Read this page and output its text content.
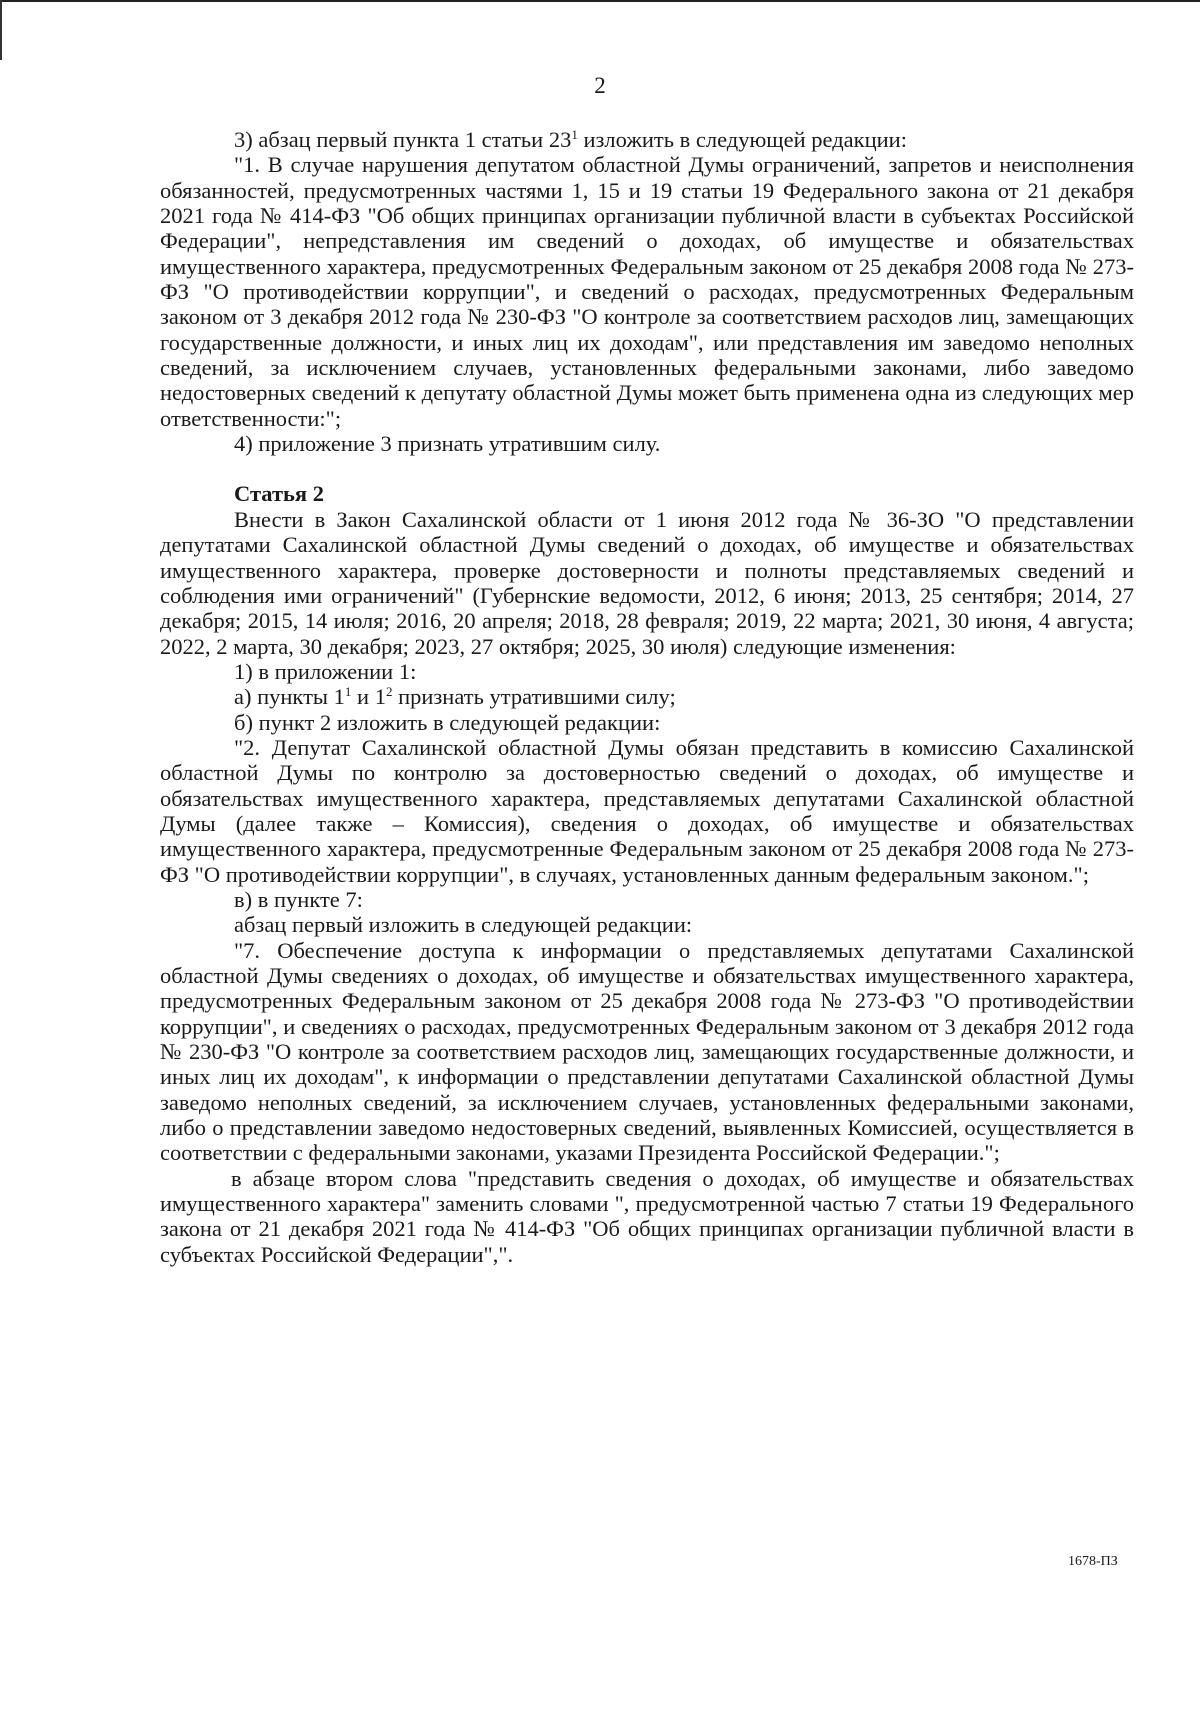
2

3) абзац первый пункта 1 статьи $23^1$ изложить в следующей редакции:

"1. В случае нарушения депутатом областной Думы ограничений, запретов и неисполнения обязанностей, предусмотренных частями 1, 15 и 19 статьи 19 Федерального закона от 21 декабря 2021 года № 414-ФЗ "Об общих принципах организации публичной власти в субъектах Российской Федерации", непредставления им сведений о доходах, об имуществе и обязательствах имущественного характера, предусмотренных Федеральным законом от 25 декабря 2008 года № 273-ФЗ "О противодействии коррупции", и сведений о расходах, предусмотренных Федеральным законом от 3 декабря 2012 года № 230-ФЗ "О контроле за соответствием расходов лиц, замещающих государственные должности, и иных лиц их доходам", или представления им заведомо неполных сведений, за исключением случаев, установленных федеральными законами, либо заведомо недостоверных сведений к депутату областной Думы может быть применена одна из следующих мер ответственности:";

4) приложение 3 признать утратившим силу.

Статья 2

Внести в Закон Сахалинской области от 1 июня 2012 года № 36-ЗО "О представлении депутатами Сахалинской областной Думы сведений о доходах, об имуществе и обязательствах имущественного характера, проверке достоверности и полноты представляемых сведений и соблюдения ими ограничений" (Губернские ведомости, 2012, 6 июня; 2013, 25 сентября; 2014, 27 декабря; 2015, 14 июля; 2016, 20 апреля; 2018, 28 февраля; 2019, 22 марта; 2021, 30 июня, 4 августа; 2022, 2 марта, 30 декабря; 2023, 27 октября; 2025, 30 июля) следующие изменения:

1) в приложении 1:

а) пункты $1^1$ и $1^2$ признать утратившими силу;

б) пункт 2 изложить в следующей редакции:

"2. Депутат Сахалинской областной Думы обязан представить в комиссию Сахалинской областной Думы по контролю за достоверностью сведений о доходах, об имуществе и обязательствах имущественного характера, представляемых депутатами Сахалинской областной Думы (далее также – Комиссия), сведения о доходах, об имуществе и обязательствах имущественного характера, предусмотренные Федеральным законом от 25 декабря 2008 года № 273-ФЗ "О противодействии коррупции", в случаях, установленных данным федеральным законом.";

в) в пункте 7:

абзац первый изложить в следующей редакции:

"7. Обеспечение доступа к информации о представляемых депутатами Сахалинской областной Думы сведениях о доходах, об имуществе и обязательствах имущественного характера, предусмотренных Федеральным законом от 25 декабря 2008 года № 273-ФЗ "О противодействии коррупции", и сведениях о расходах, предусмотренных Федеральным законом от 3 декабря 2012 года № 230-ФЗ "О контроле за соответствием расходов лиц, замещающих государственные должности, и иных лиц их доходам", к информации о представлении депутатами Сахалинской областной Думы заведомо неполных сведений, за исключением случаев, установленных федеральными законами, либо о представлении заведомо недостоверных сведений, выявленных Комиссией, осуществляется в соответствии с федеральными законами, указами Президента Российской Федерации.";

в абзаце втором слова "представить сведения о доходах, об имуществе и обязательствах имущественного характера" заменить словами ", предусмотренной частью 7 статьи 19 Федерального закона от 21 декабря 2021 года № 414-ФЗ "Об общих принципах организации публичной власти в субъектах Российской Федерации",".

1678-ПЗ
